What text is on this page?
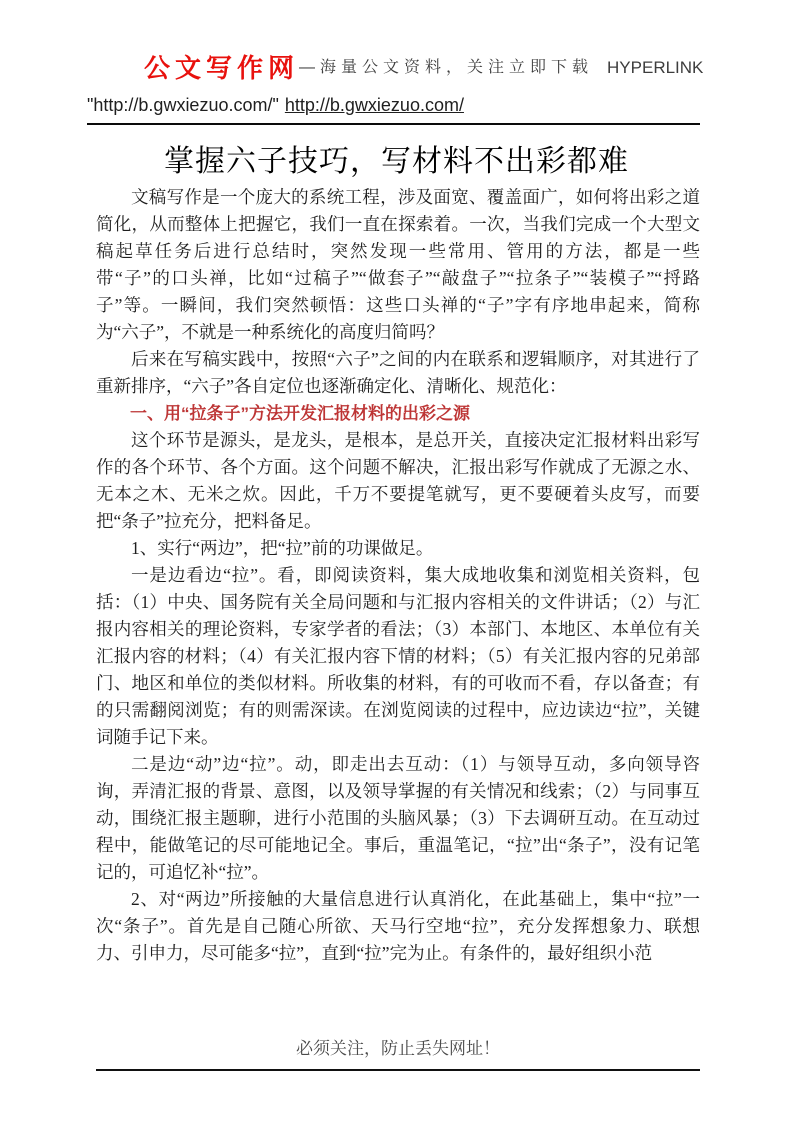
公文写作网—海量公文资料，关注立即下载 HYPERLINK
"http://b.gwxiezuo.com/" http://b.gwxiezuo.com/
掌握六子技巧，写材料不出彩都难

文稿写作是一个庞大的系统工程，涉及面宽、覆盖面广，如何将出彩之道简化，从而整体上把握它，我们一直在探索着。一次，当我们完成一个大型文稿起草任务后进行总结时，突然发现一些常用、管用的方法，都是一些带“子”的口头禅，比如“过稿子”“做套子”“敲盘子”“拉条子”“装模子”“捋路子”等。一瞬间，我们突然顿悟：这些口头禅的“子”字有序地串起来，简称为“六子”，不就是一种系统化的高度归简吗？

后来在写稿实践中，按照“六子”之间的内在联系和逻辑顺序，对其进行了重新排序，“六子”各自定位也逐渐确定化、清晰化、规范化：

一、用“拉条子”方法开发汇报材料的出彩之源

这个环节是源头，是龙头，是根本，是总开关，直接决定汇报材料出彩写作的各个环节、各个方面。这个问题不解决，汇报出彩写作就成了无源之水、无本之木、无米之炊。因此，千万不要提笔就写，更不要硬着头皮写，而要把“条子”拉充分，把料备足。

1、实行“两边”，把“拉”前的功课做足。

一是边看边“拉”。看，即阅读资料，集大成地收集和浏览相关资料，包括：（1）中央、国务院有关全局问题和与汇报内容相关的文件讲话；（2）与汇报内容相关的理论资料，专家学者的看法；（3）本部门、本地区、本单位有关汇报内容的材料；（4）有关汇报内容下情的材料；（5）有关汇报内容的兄弟部门、地区和单位的类似材料。所收集的材料，有的可收而不看，存以备查；有的只需翻阅浏览；有的则需深读。在浏览阅读的过程中，应边读边“拉”，关键词随手记下来。

二是边“动”边“拉”。动，即走出去互动：（1）与领导互动，多向领导咨询，弄清汇报的背景、意图，以及领导掌握的有关情况和线索；（2）与同事互动，围绕汇报主题聊，进行小范围的头脑风暴；（3）下去调研互动。在互动过程中，能做笔记的尽可能地记全。事后，重温笔记，“拉”出“条子”，没有记笔记的，可追忆补“拉”。

2、对“两边”所接触的大量信息进行认真消化，在此基础上，集中“拉”一次“条子”。首先是自己随心所欲、天马行空地“拉”，充分发挥想象力、联想力、引申力，尽可能多“拉”，直到“拉”完为止。有条件的，最好组织小范

必须关注，防止丢失网址！
